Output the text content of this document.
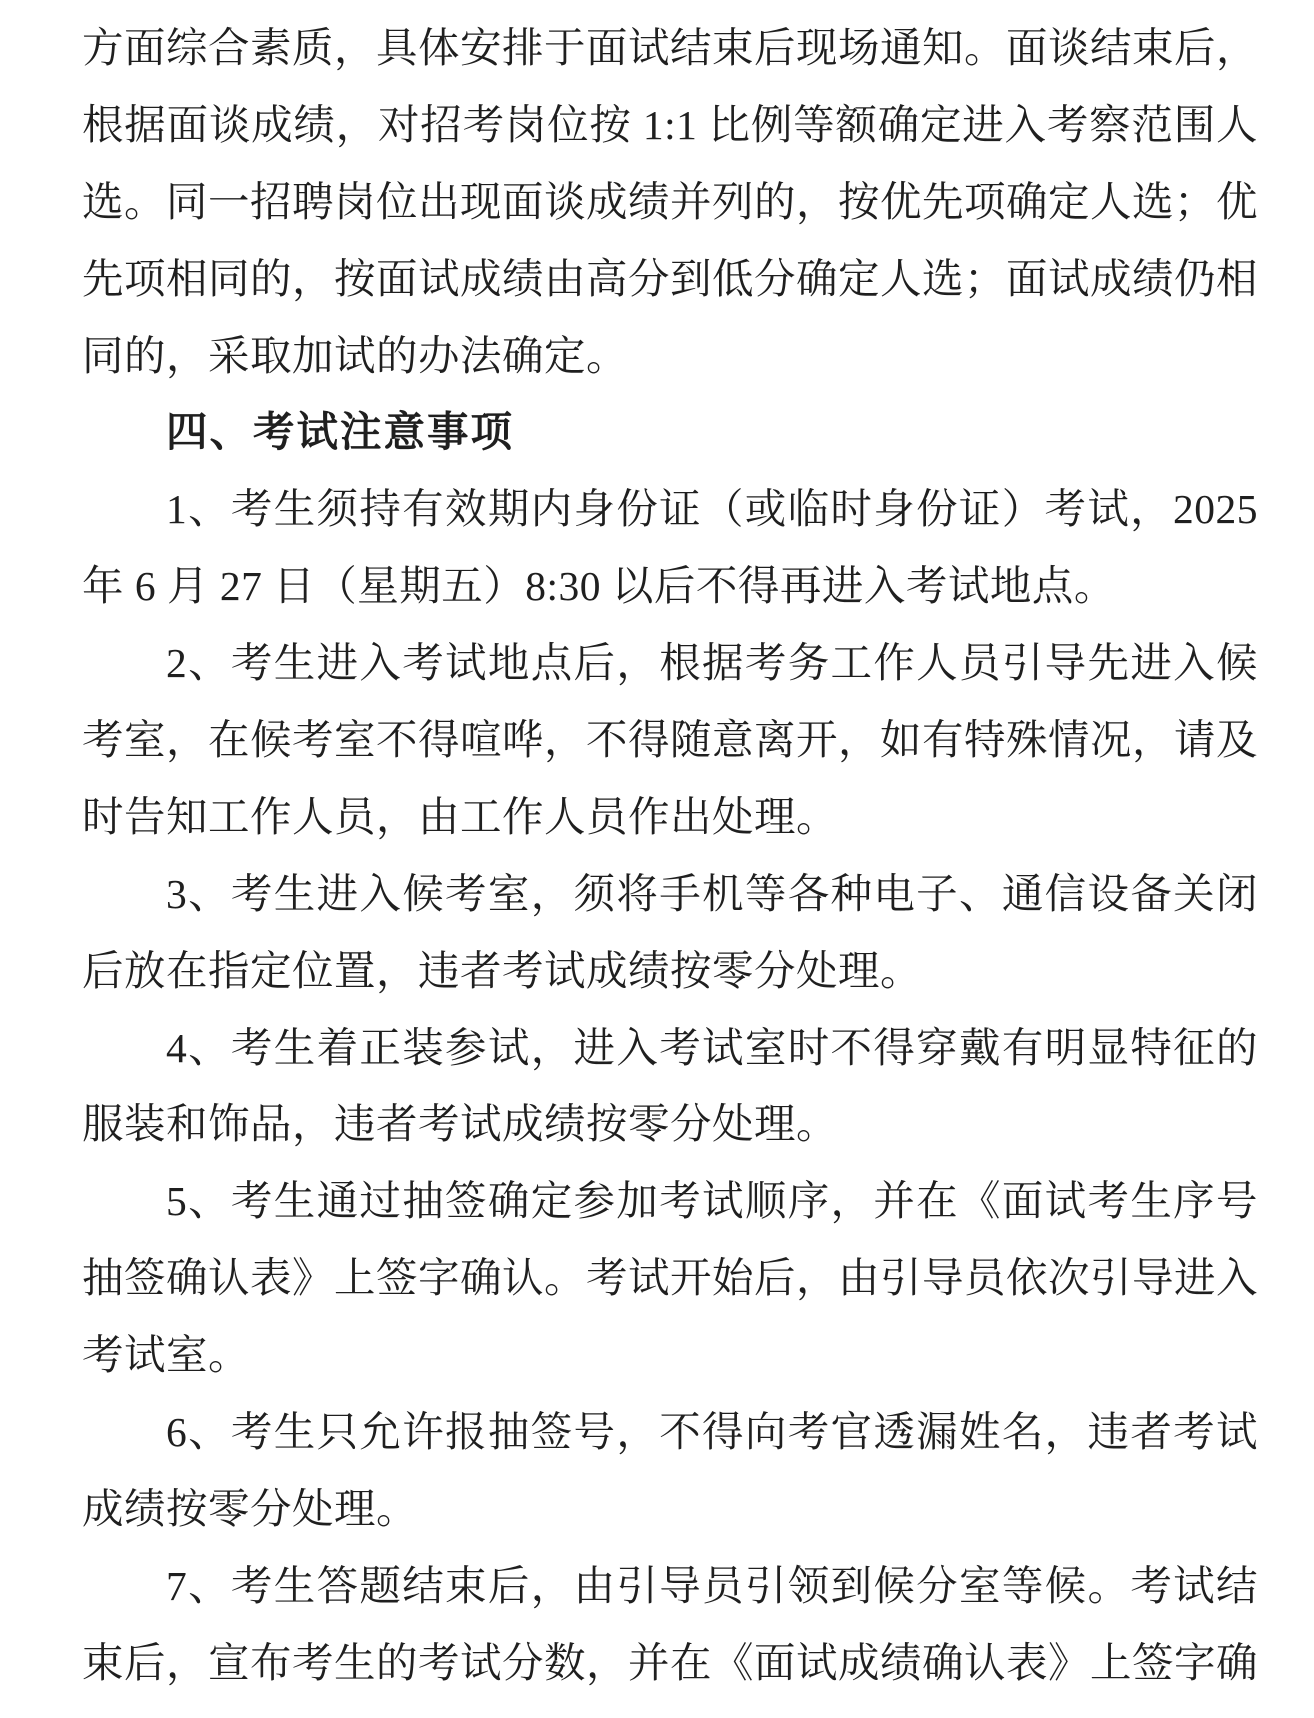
方面综合素质，具体安排于面试结束后现场通知。面谈结束后，
根据面谈成绩，对招考岗位按 1:1 比例等额确定进入考察范围人
选。同一招聘岗位出现面谈成绩并列的，按优先项确定人选；优
先项相同的，按面试成绩由高分到低分确定人选；面试成绩仍相
同的，采取加试的办法确定。
四、考试注意事项
1、考生须持有效期内身份证（或临时身份证）考试，2025
年 6 月 27 日（星期五）8:30 以后不得再进入考试地点。
2、考生进入考试地点后，根据考务工作人员引导先进入候
考室，在候考室不得喧哗，不得随意离开，如有特殊情况，请及
时告知工作人员，由工作人员作出处理。
3、考生进入候考室，须将手机等各种电子、通信设备关闭
后放在指定位置，违者考试成绩按零分处理。
4、考生着正装参试，进入考试室时不得穿戴有明显特征的
服装和饰品，违者考试成绩按零分处理。
5、考生通过抽签确定参加考试顺序，并在《面试考生序号
抽签确认表》上签字确认。考试开始后，由引导员依次引导进入
考试室。
6、考生只允许报抽签号，不得向考官透漏姓名，违者考试
成绩按零分处理。
7、考生答题结束后，由引导员引领到候分室等候。考试结
束后，宣布考生的考试分数，并在《面试成绩确认表》上签字确
